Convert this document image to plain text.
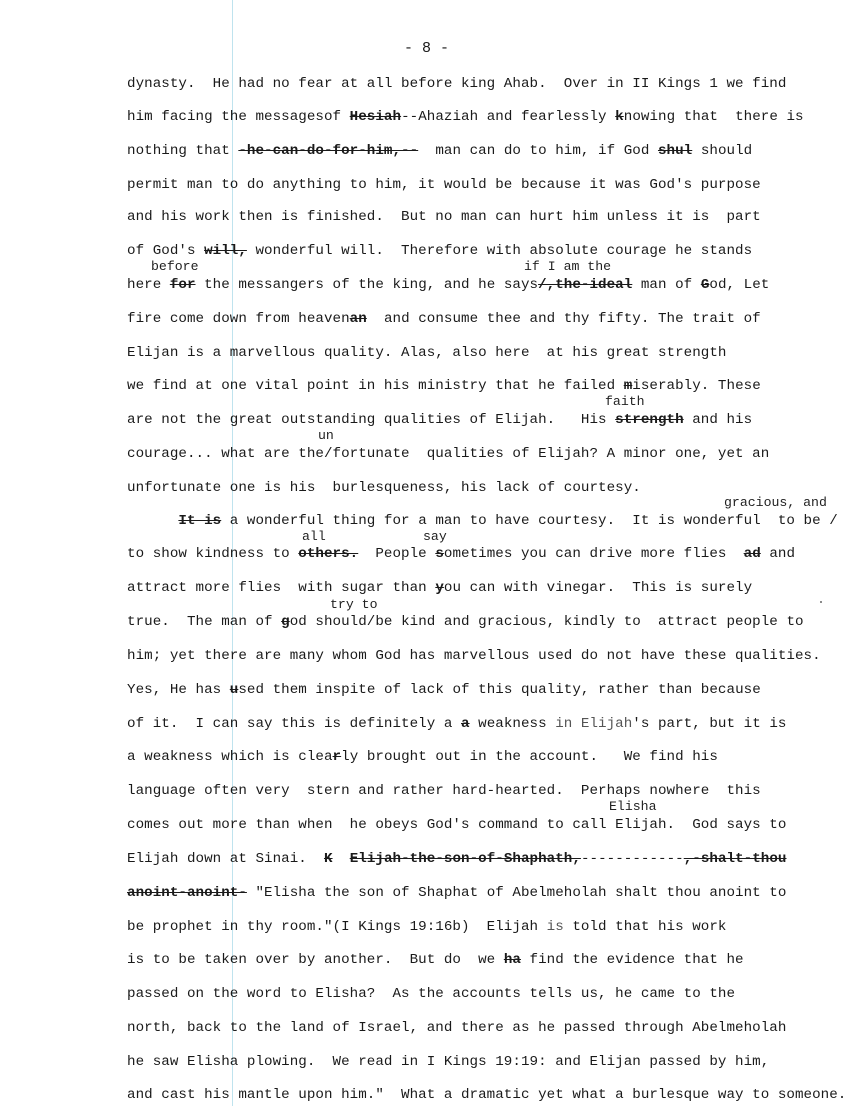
- 8 -
dynasty.  He had no fear at all before king Ahab.  Over in II Kings 1 we find
him facing the messagesof Hesiah--Ahaziah and fearlessly knowing that  there is
nothing that -he-can-do-for-him,--  man can do to him, if God shul should
permit man to do anything to him, it would be because it was God's purpose
and his work then is finished.  But no man can hurt him unless it is  part
of God's will, wonderful will.  Therefore with absolute courage he stands
here for the messangers of the king, and he says/,the-ideal man of God, Let
fire come down from heavenan  and consume thee and thy fifty. The trait of
Elijan is a marvellous quality. Alas, also here  at his great strength
we find at one vital point in his ministry that he failed miserably. These
are not the great outstanding qualities of Elijah.   His strength and his
courage... what are the/fortunate  qualities of Elijah? A minor one, yet an
unfortunate one is his  burlesqueness, his lack of courtesy.
It is a wonderful thing for a man to have courtesy.  It is wonderful  to be /
to show kindness to others.  People sometimes you can drive more flies  ad and
attract more flies  with sugar than you can with vinegar.  This is surely
true.  The man of god should/be kind and gracious, kindly to  attract people to
him; yet there are many whom God has marvellous used do not have these qualities.
Yes, He has used them inspite of lack of this quality, rather than because
of it.  I can say this is definitely a a weakness in Elijah's part, but it is
a weakness which is clearly brought out in the account.   We find his
language often very  stern and rather hard-hearted.  Perhaps nowhere  this
comes out more than when  he obeys God's command to call Elijah.  God says to
Elijah down at Sinai.  K Elijah-the-son-of-Shaphath,------------,-shalt-thou
anoint-anoint- "Elisha the son of Shaphat of Abelmeholah shalt thou anoint to
be prophet in thy room."(I Kings 19:16b)  Elijah is told that his work
is to be taken over by another.  But do  we ha find the evidence that he
passed on the word to Elisha?  As the accounts tells us, he came to the
north, back to the land of Israel, and there as he passed through Abelmeholah
he saw Elisha plowing.  We read in I Kings 19:19: and Elijan passed by him,
and cast his mantle upon him."  What a dramatic yet what a burlesque way to someone.
before	if I am the
faith
un
gracious, and
all	say
try to
Elisha
